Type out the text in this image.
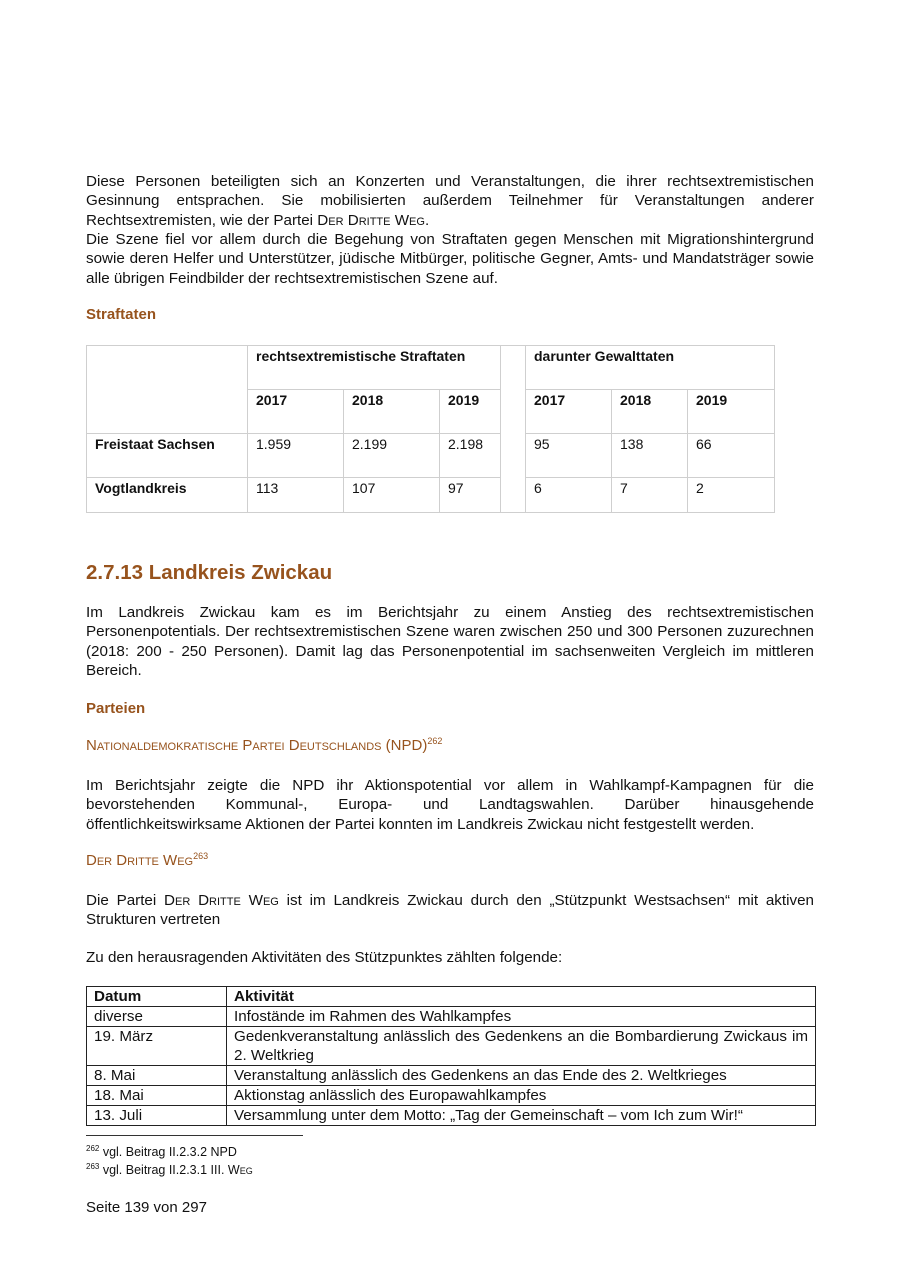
Diese Personen beteiligten sich an Konzerten und Veranstaltungen, die ihrer rechtsextremistischen Gesinnung entsprachen. Sie mobilisierten außerdem Teilnehmer für Veranstaltungen anderer Rechtsextremisten, wie der Partei Der Dritte Weg.

Die Szene fiel vor allem durch die Begehung von Straftaten gegen Menschen mit Migrationshintergrund sowie deren Helfer und Unterstützer, jüdische Mitbürger, politische Gegner, Amts- und Mandatsträger sowie alle übrigen Feindbilder der rechtsextremistischen Szene auf.

Straftaten
	rechtsextremistische Straftaten				darunter Gewalttaten		
	2017	2018	2019		2017	2018	2019
Freistaat Sachsen	1.959	2.199	2.198		95	138	66
Vogtlandkreis	113	107	97		6	7	2
2.7.13 Landkreis Zwickau

Im Landkreis Zwickau kam es im Berichtsjahr zu einem Anstieg des rechtsextremistischen Personenpotentials. Der rechtsextremistischen Szene waren zwischen 250 und 300 Personen zuzurechnen (2018: 200 - 250 Personen). Damit lag das Personenpotential im sachsenweiten Vergleich im mittleren Bereich.

Parteien
Nationaldemokratische Partei Deutschlands (NPD)$^{262}$

Im Berichtsjahr zeigte die NPD ihr Aktionspotential vor allem in Wahlkampf-Kampagnen für die bevorstehenden Kommunal-, Europa- und Landtagswahlen. Darüber hinausgehende öffentlichkeitswirksame Aktionen der Partei konnten im Landkreis Zwickau nicht festgestellt werden.

Der Dritte Weg$^{263}$

Die Partei Der Dritte Weg ist im Landkreis Zwickau durch den „Stützpunkt Westsachsen“ mit aktiven Strukturen vertreten

Zu den herausragenden Aktivitäten des Stützpunktes zählten folgende:

Datum	Aktivität
diverse	Infostände im Rahmen des Wahlkampfes
19. März	Gedenkveranstaltung anlässlich des Gedenkens an die Bombardierung Zwickaus im 2. Weltkrieg
8. Mai	Veranstaltung anlässlich des Gedenkens an das Ende des 2. Weltkrieges
18. Mai	Aktionstag anlässlich des Europawahlkampfes
13. Juli	Versammlung unter dem Motto: „Tag der Gemeinschaft – vom Ich zum Wir!“
$^{262}$ vgl. Beitrag II.2.3.2 NPD
$^{263}$ vgl. Beitrag II.2.3.1 III. Weg
Seite 139 von 297
